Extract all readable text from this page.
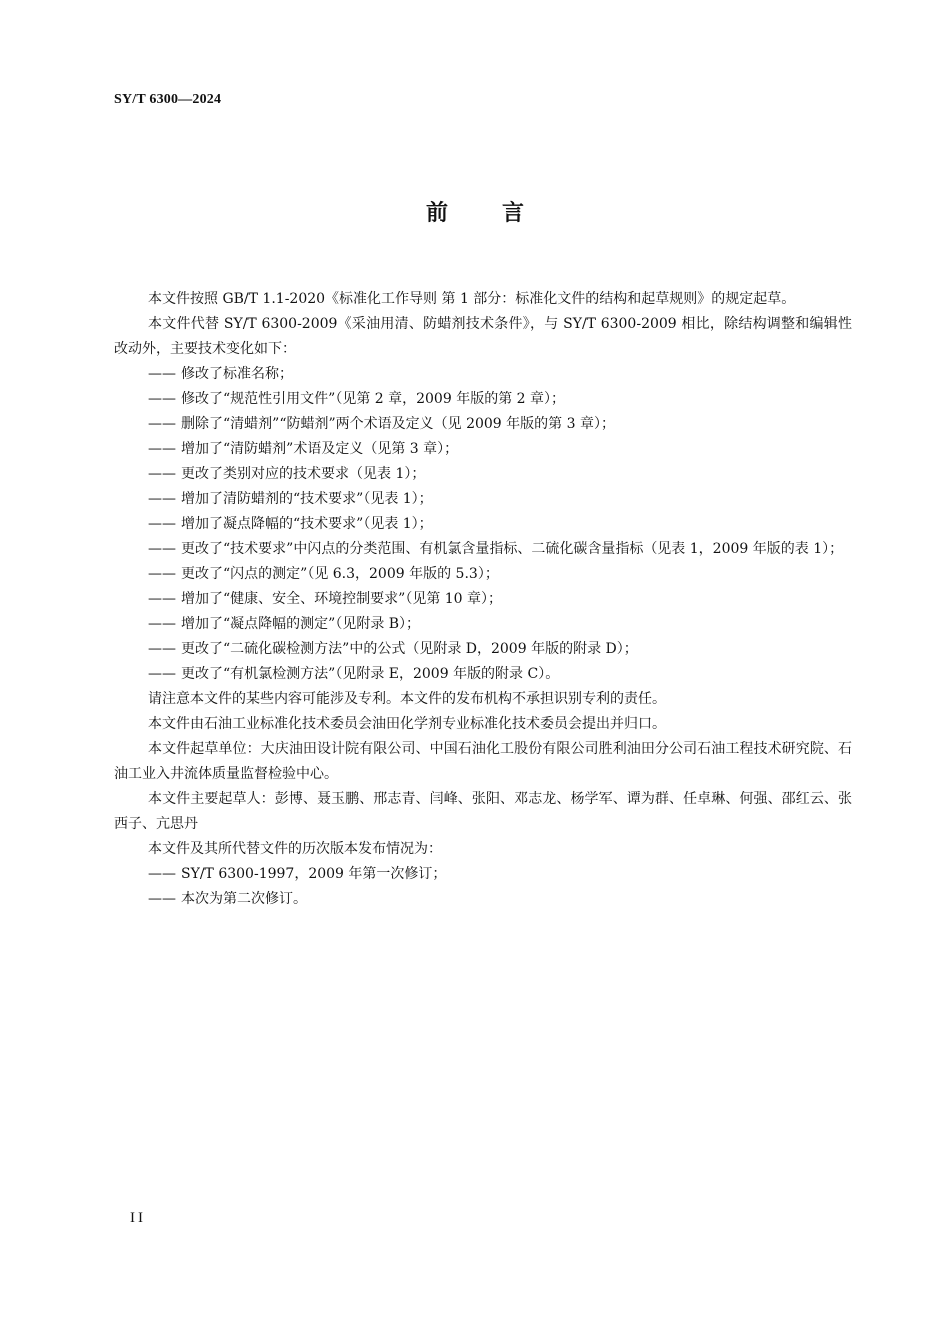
SY/T 6300—2024
前言

本文件按照 GB/T 1.1-2020《标准化工作导则 第 1 部分：标准化文件的结构和起草规则》的规定起草。

本文件代替 SY/T 6300-2009《采油用清、防蜡剂技术条件》，与 SY/T 6300-2009 相比，除结构调整和编辑性改动外，主要技术变化如下：

—— 修改了标准名称；

—— 修改了“规范性引用文件”（见第 2 章，2009 年版的第 2 章）；

—— 删除了“清蜡剂”“防蜡剂”两个术语及定义（见 2009 年版的第 3 章）；

—— 增加了“清防蜡剂”术语及定义（见第 3 章）；

—— 更改了类别对应的技术要求（见表 1）；

—— 增加了清防蜡剂的“技术要求”（见表 1）；

—— 增加了凝点降幅的“技术要求”（见表 1）；

—— 更改了“技术要求”中闪点的分类范围、有机氯含量指标、二硫化碳含量指标（见表 1，2009 年版的表 1）；

—— 更改了“闪点的测定”（见 6.3，2009 年版的 5.3）；

—— 增加了“健康、安全、环境控制要求”（见第 10 章）；

—— 增加了“凝点降幅的测定”（见附录 B）；

—— 更改了“二硫化碳检测方法”中的公式（见附录 D，2009 年版的附录 D）；

—— 更改了“有机氯检测方法”（见附录 E，2009 年版的附录 C）。

请注意本文件的某些内容可能涉及专利。本文件的发布机构不承担识别专利的责任。

本文件由石油工业标准化技术委员会油田化学剂专业标准化技术委员会提出并归口。

本文件起草单位：大庆油田设计院有限公司、中国石油化工股份有限公司胜利油田分公司石油工程技术研究院、石油工业入井流体质量监督检验中心。

本文件主要起草人：彭博、聂玉鹏、邢志青、闫峰、张阳、邓志龙、杨学军、谭为群、任卓琳、何强、邵红云、张西子、亢思丹

本文件及其所代替文件的历次版本发布情况为：

—— SY/T 6300-1997，2009 年第一次修订；

—— 本次为第二次修订。

II
